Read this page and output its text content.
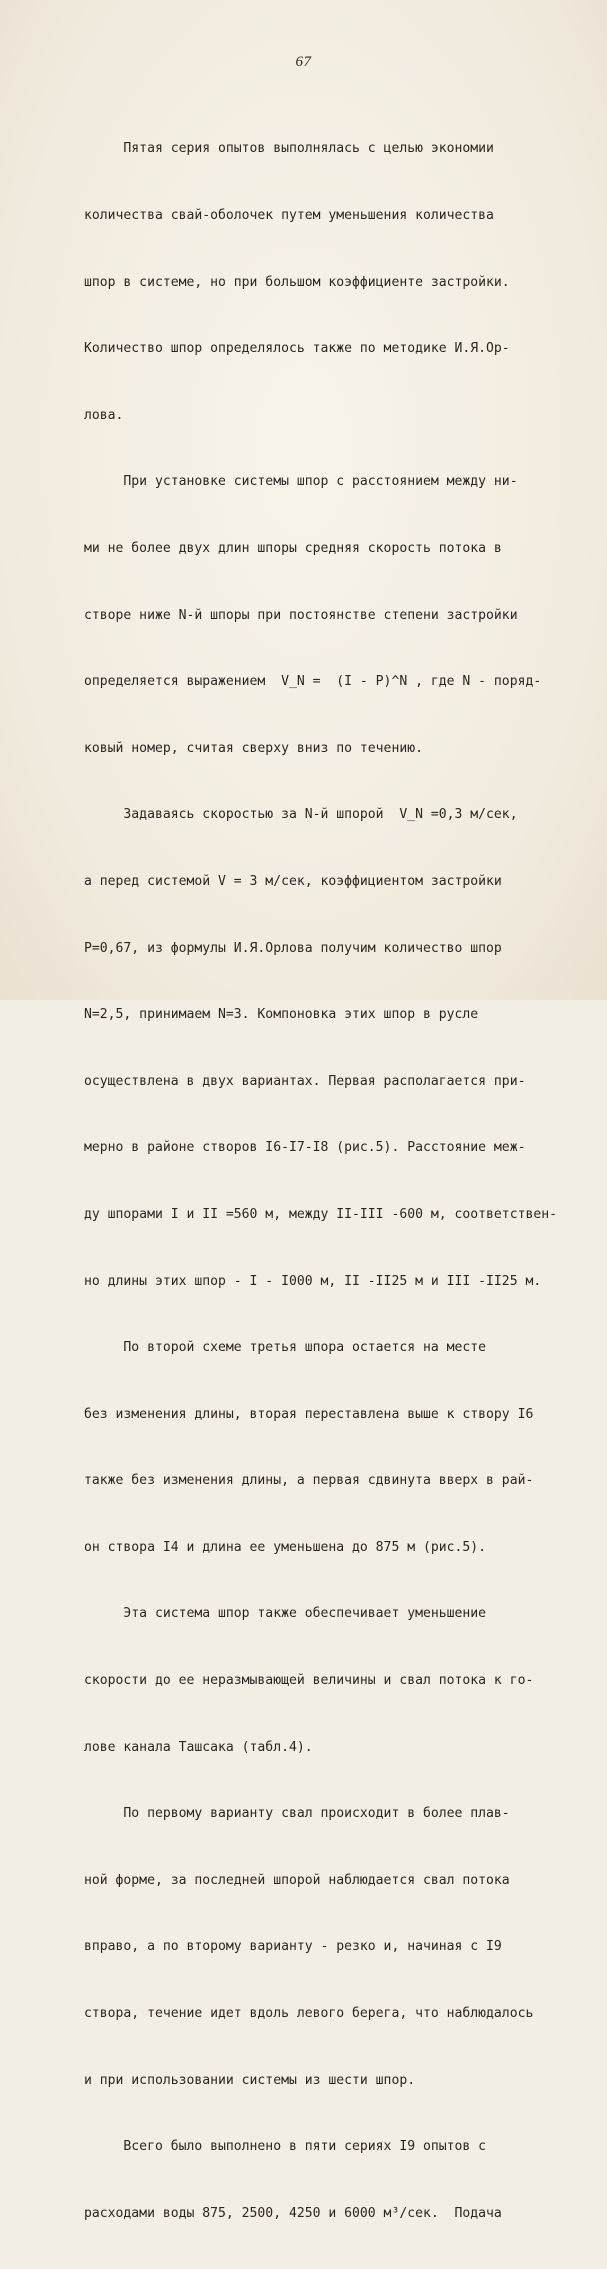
67

Пятая серия опытов выполнялась с целью экономии

количества свай-оболочек путем уменьшения количества

шпор в системе, но при большом коэффициенте застройки.

Количество шпор определялось также по методике И.Я.Ор-

лова.

При установке системы шпор с расстоянием между ни-

ми не более двух длин шпоры средняя скорость потока в

створе ниже N-й шпоры при постоянстве степени застройки

определяется выражением  V_N =  (I - P)^N , где N - поряд-

ковый номер, считая сверху вниз по течению.

Задаваясь скоростью за N-й шпорой  V_N =0,3 м/сек,

а перед системой V = 3 м/сек, коэффициентом застройки

Р=0,67, из формулы И.Я.Орлова получим количество шпор

N=2,5, принимаем N=3. Компоновка этих шпор в русле

осуществлена в двух вариантах. Первая располагается при-

мерно в районе створов I6-I7-I8 (рис.5). Расстояние меж-

ду шпорами I и II =560 м, между II-III -600 м, соответствен-

но длины этих шпор - I - I000 м, II -II25 м и III -II25 м.

По второй схеме третья шпора остается на месте

без изменения длины, вторая переставлена выше к створу I6

также без изменения длины, а первая сдвинута вверх в рай-

он створа I4 и длина ее уменьшена до 875 м (рис.5).

Эта система шпор также обеспечивает уменьшение

скорости до ее неразмывающей величины и свал потока к го-

лове канала Ташсака (табл.4).

По первому варианту свал происходит в более плав-

ной форме, за последней шпорой наблюдается свал потока

вправо, а по второму варианту - резко и, начиная с I9

створа, течение идет вдоль левого берега, что наблюдалось

и при использовании системы из шести шпор.

Всего было выполнено в пяти сериях I9 опытов с

расходами воды 875, 2500, 4250 и 6000 м³/сек.  Подача
